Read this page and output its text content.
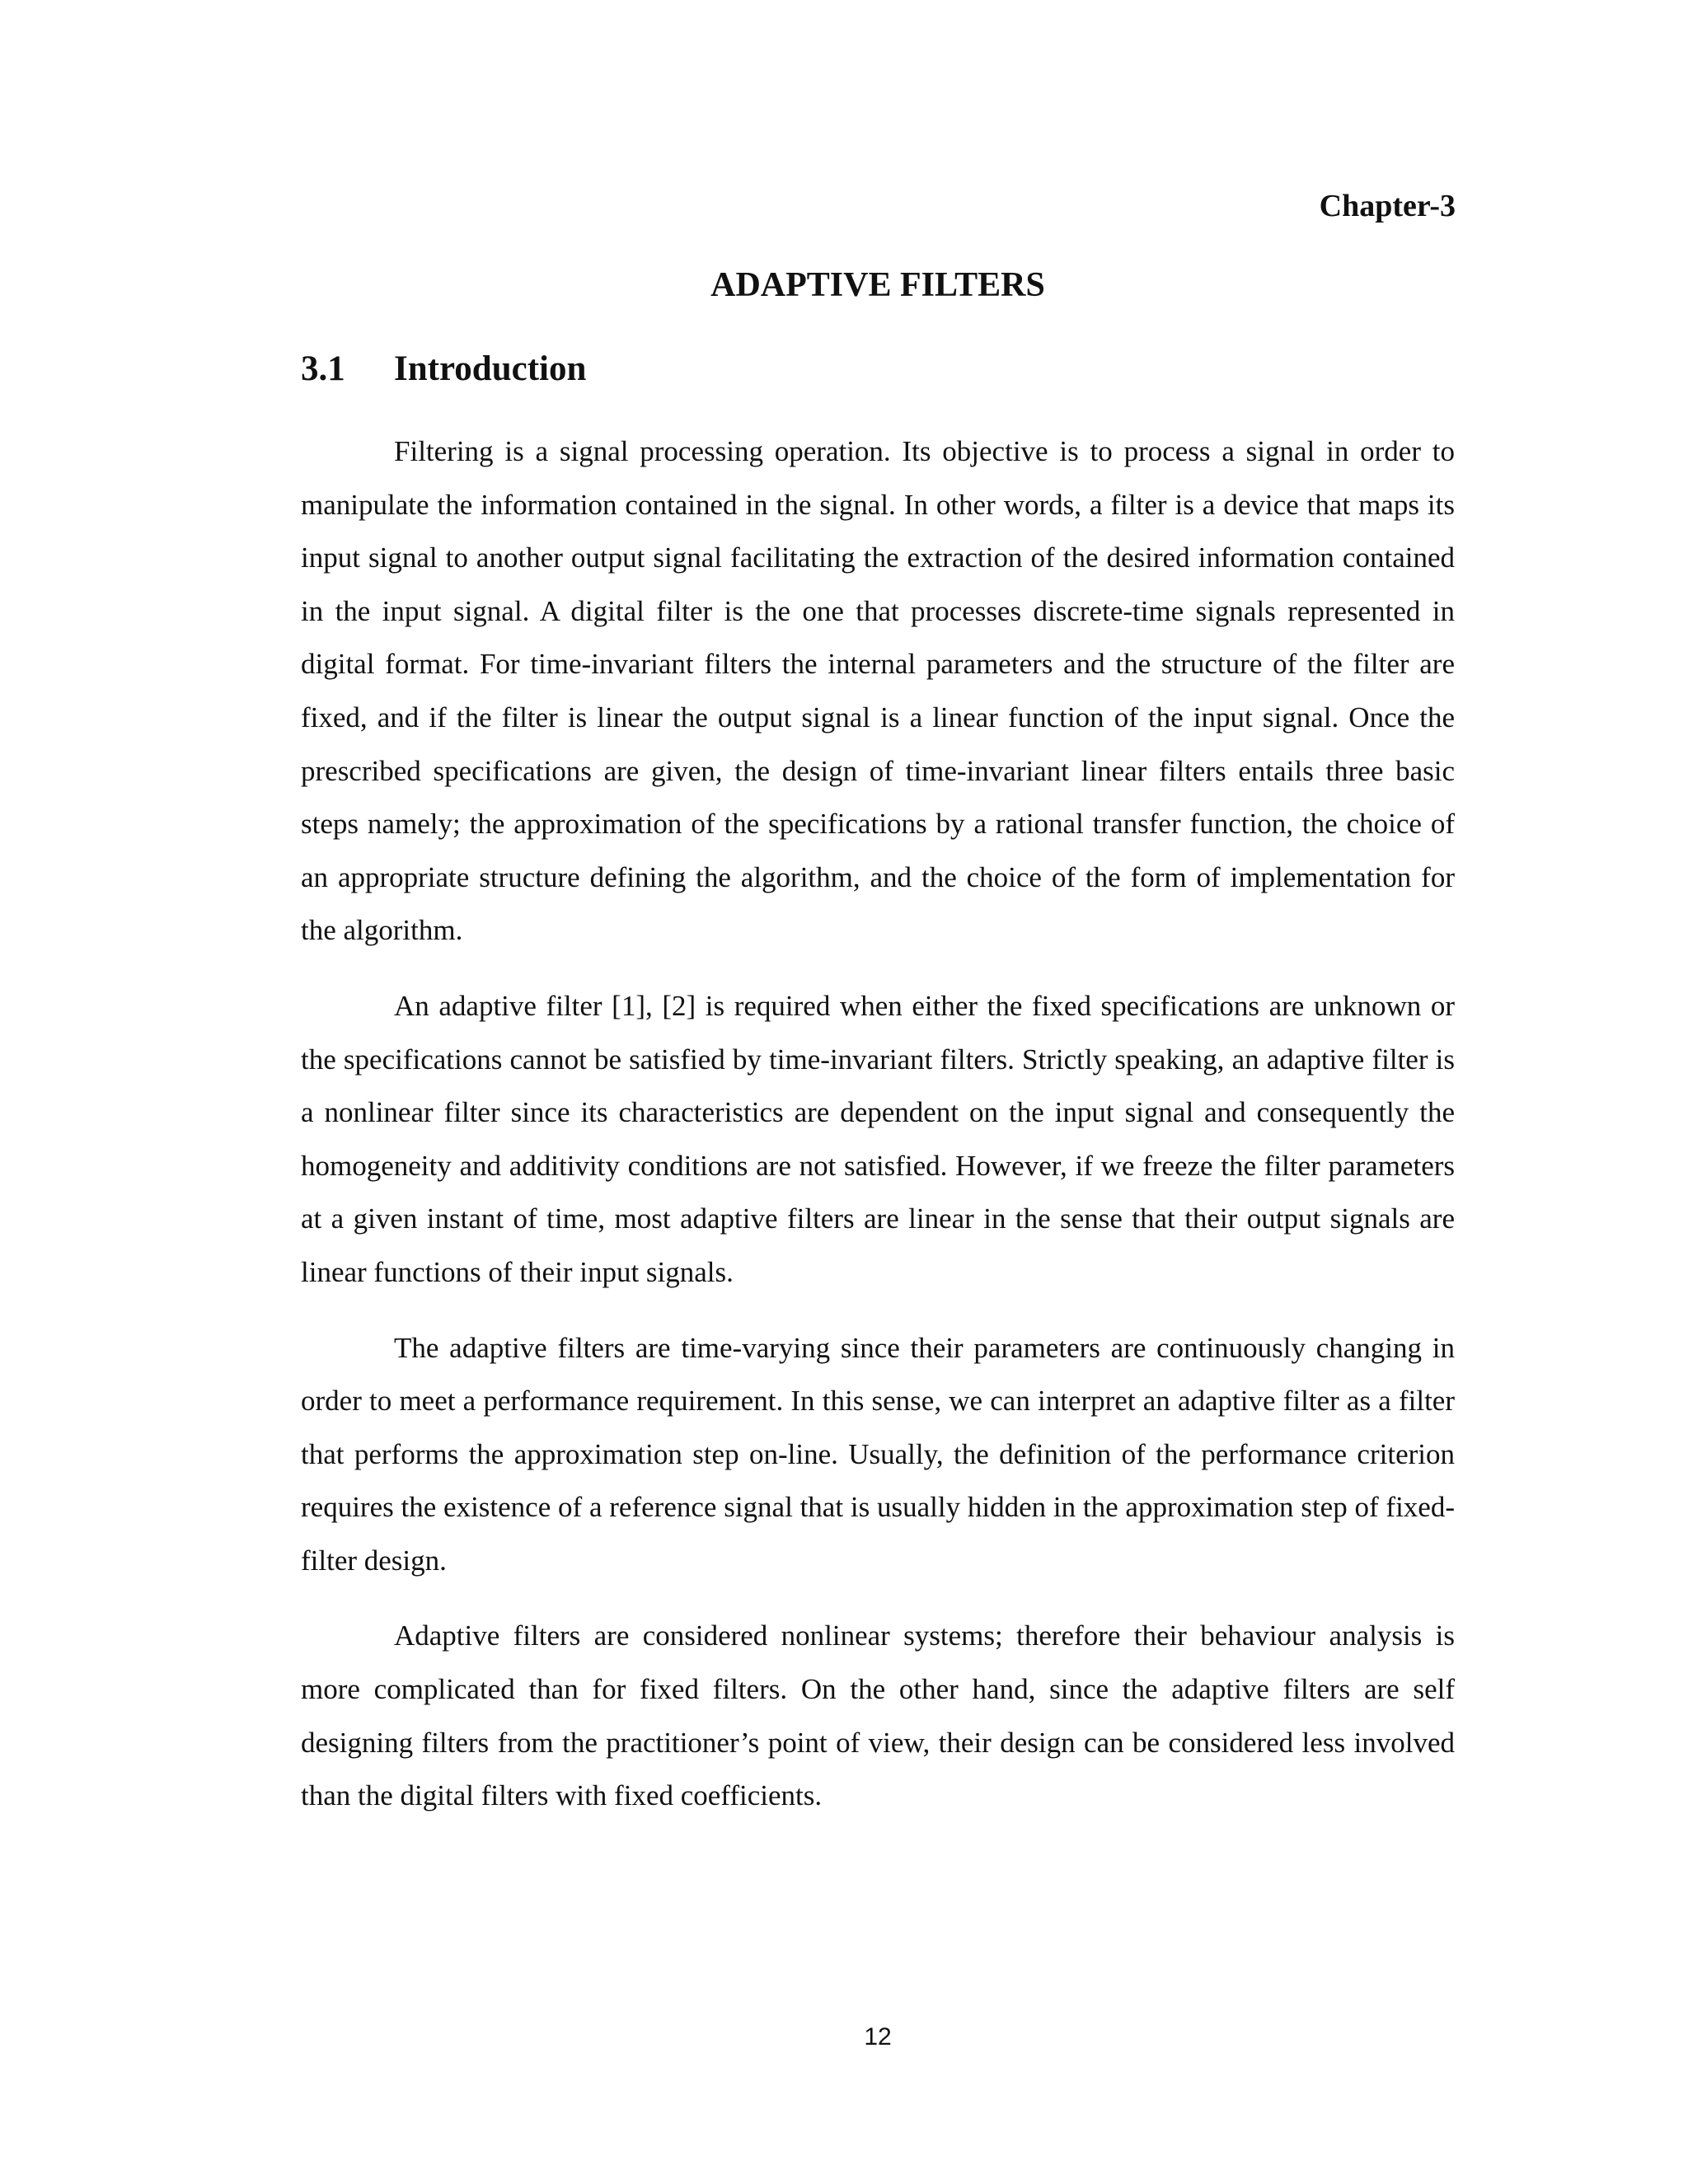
Chapter-3
ADAPTIVE FILTERS
3.1 Introduction

Filtering is a signal processing operation. Its objective is to process a signal in order to manipulate the information contained in the signal. In other words, a filter is a device that maps its input signal to another output signal facilitating the extraction of the desired information contained in the input signal. A digital filter is the one that processes discrete-time signals represented in digital format. For time-invariant filters the internal parameters and the structure of the filter are fixed, and if the filter is linear the output signal is a linear function of the input signal. Once the prescribed specifications are given, the design of time-invariant linear filters entails three basic steps namely; the approximation of the specifications by a rational transfer function, the choice of an appropriate structure defining the algorithm, and the choice of the form of implementation for the algorithm.

An adaptive filter [1], [2] is required when either the fixed specifications are unknown or the specifications cannot be satisfied by time-invariant filters. Strictly speaking, an adaptive filter is a nonlinear filter since its characteristics are dependent on the input signal and consequently the homogeneity and additivity conditions are not satisfied. However, if we freeze the filter parameters at a given instant of time, most adaptive filters are linear in the sense that their output signals are linear functions of their input signals.

The adaptive filters are time-varying since their parameters are continuously changing in order to meet a performance requirement. In this sense, we can interpret an adaptive filter as a filter that performs the approximation step on-line. Usually, the definition of the performance criterion requires the existence of a reference signal that is usually hidden in the approximation step of fixed-filter design.

Adaptive filters are considered nonlinear systems; therefore their behaviour analysis is more complicated than for fixed filters. On the other hand, since the adaptive filters are self designing filters from the practitioner’s point of view, their design can be considered less involved than the digital filters with fixed coefficients.

12
